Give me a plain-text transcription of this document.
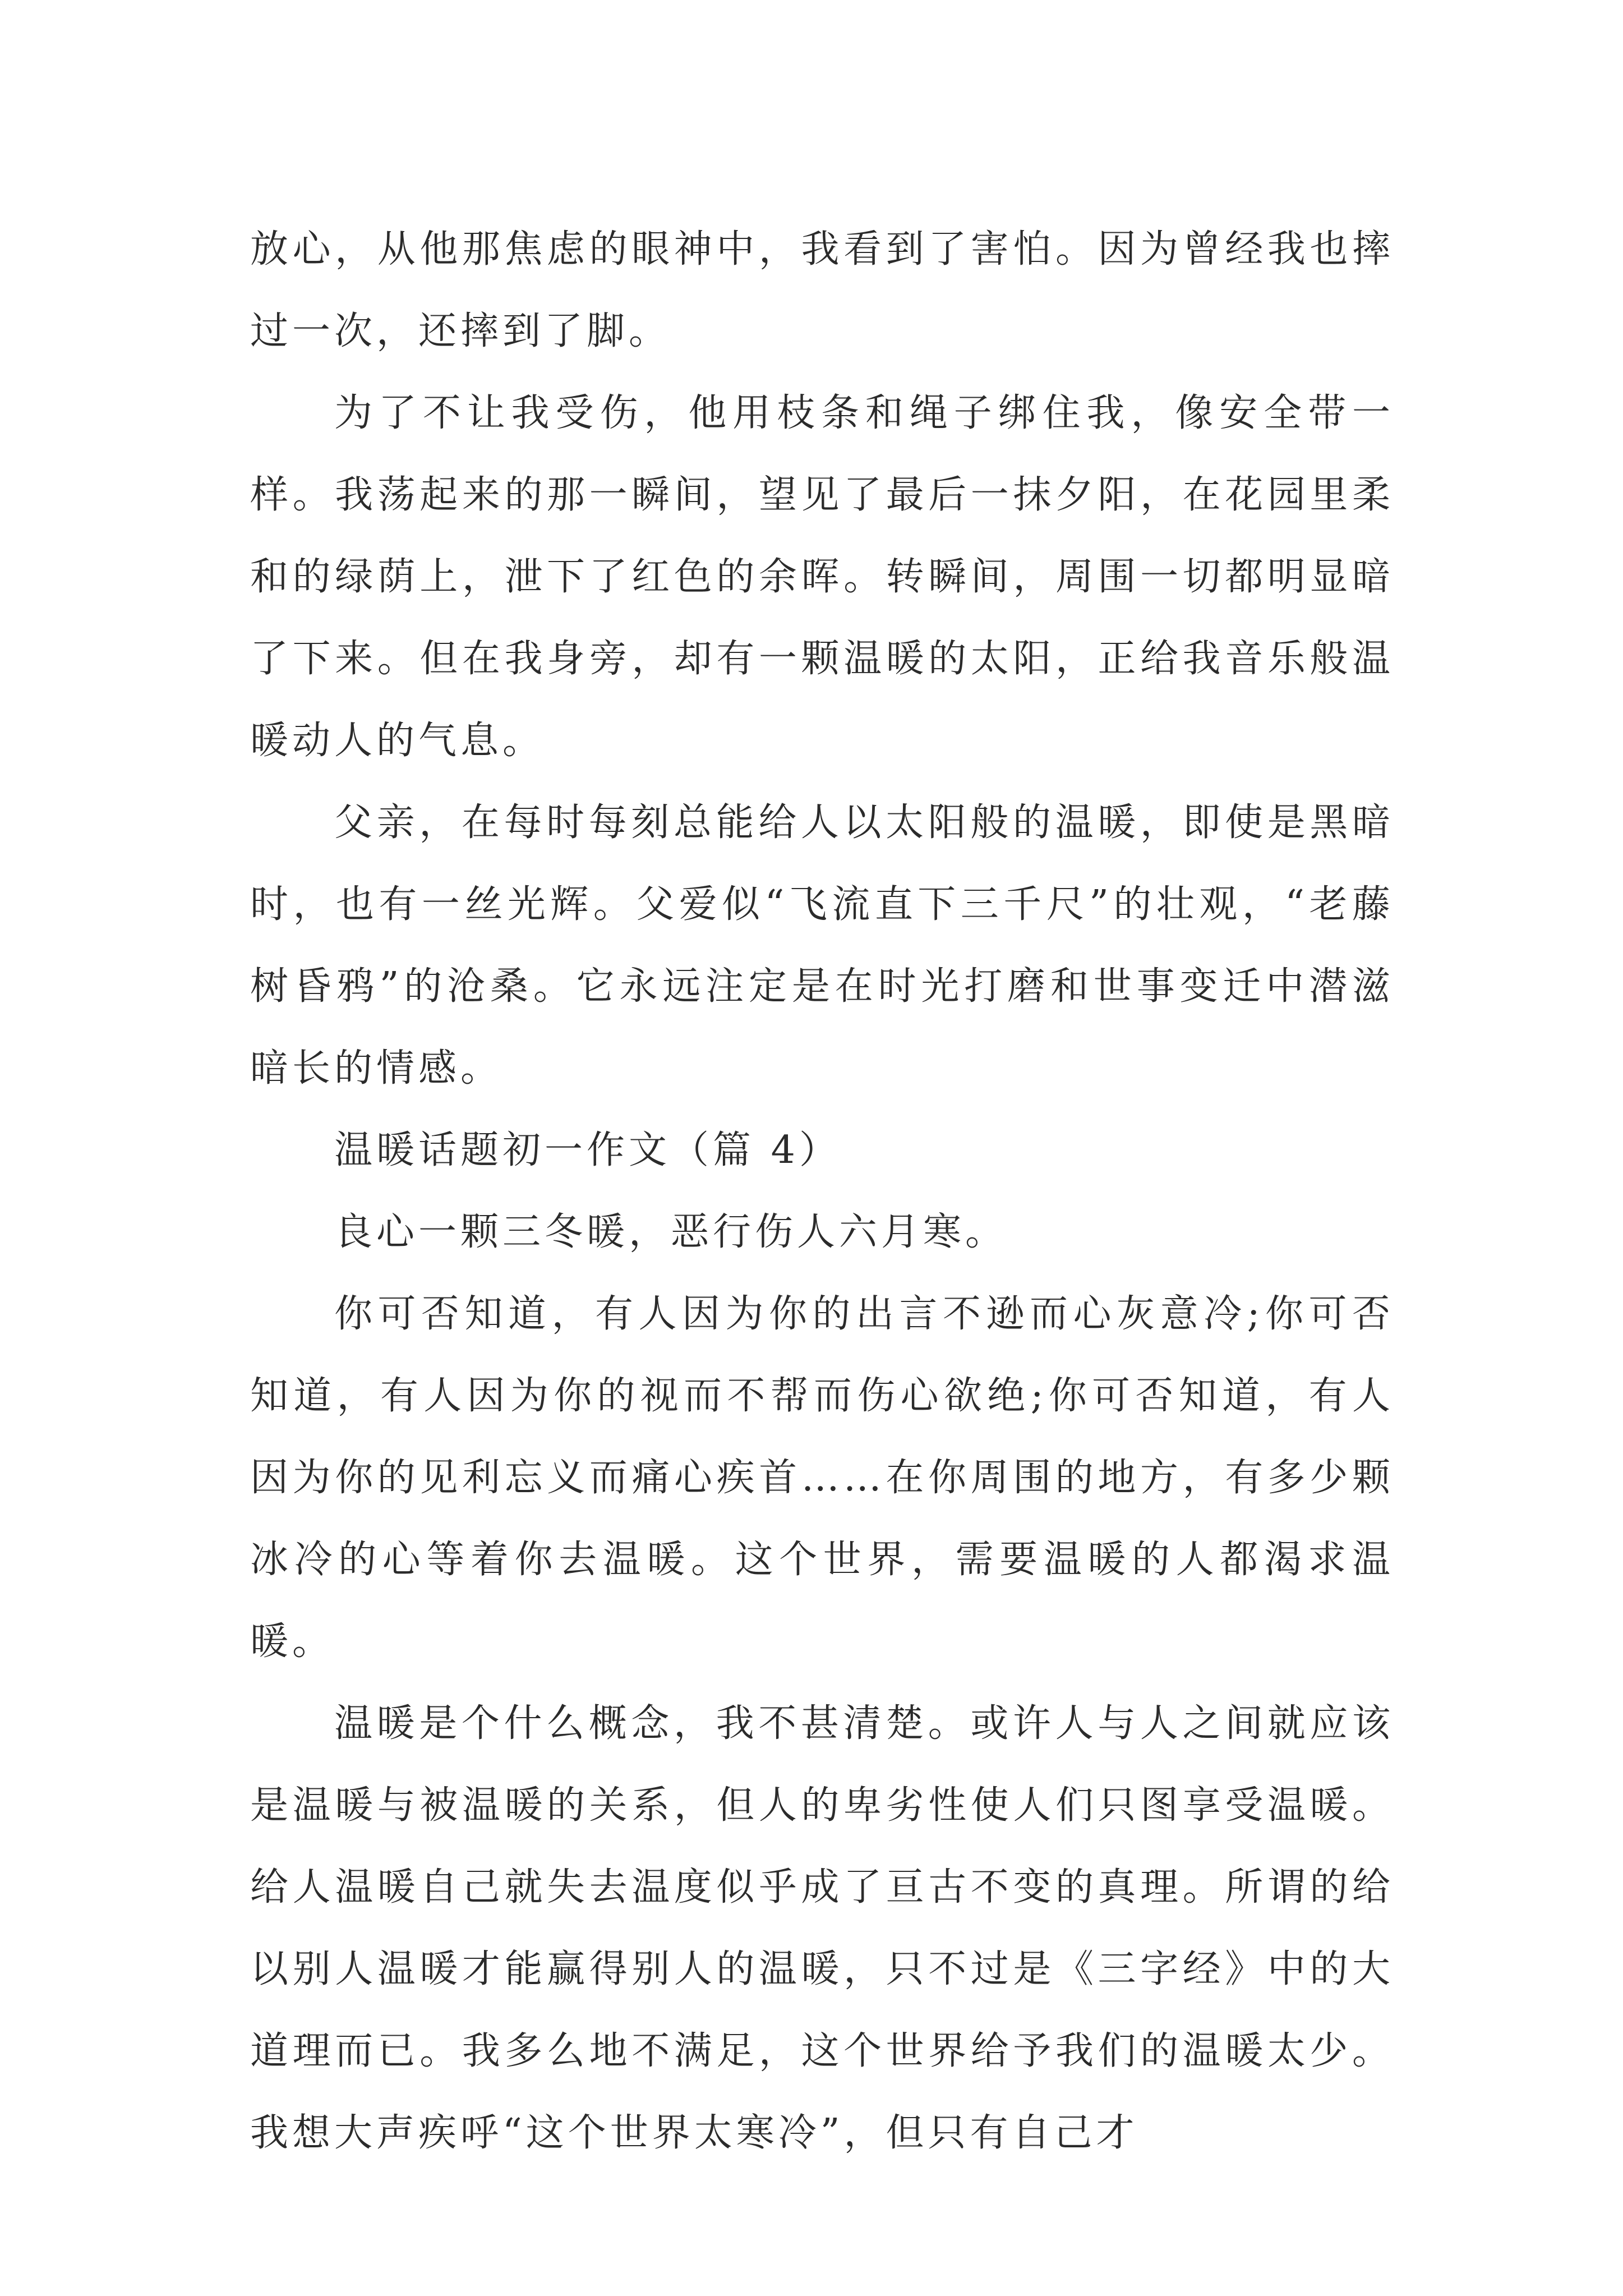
放心，从他那焦虑的眼神中，我看到了害怕。因为曾经我也摔过一次，还摔到了脚。

为了不让我受伤，他用枝条和绳子绑住我，像安全带一样。我荡起来的那一瞬间，望见了最后一抹夕阳，在花园里柔和的绿荫上，泄下了红色的余晖。转瞬间，周围一切都明显暗了下来。但在我身旁，却有一颗温暖的太阳，正给我音乐般温暖动人的气息。

父亲，在每时每刻总能给人以太阳般的温暖，即使是黑暗时，也有一丝光辉。父爱似“飞流直下三千尺”的壮观，“老藤树昏鸦”的沧桑。它永远注定是在时光打磨和世事变迁中潜滋暗长的情感。

温暖话题初一作文（篇 4）

良心一颗三冬暖，恶行伤人六月寒。

你可否知道，有人因为你的出言不逊而心灰意冷;你可否知道，有人因为你的视而不帮而伤心欲绝;你可否知道，有人因为你的见利忘义而痛心疾首……在你周围的地方，有多少颗冰冷的心等着你去温暖。这个世界，需要温暖的人都渴求温暖。

温暖是个什么概念，我不甚清楚。或许人与人之间就应该是温暖与被温暖的关系，但人的卑劣性使人们只图享受温暖。给人温暖自己就失去温度似乎成了亘古不变的真理。所谓的给以别人温暖才能赢得别人的温暖，只不过是《三字经》中的大道理而已。我多么地不满足，这个世界给予我们的温暖太少。我想大声疾呼“这个世界太寒冷”，但只有自己才
